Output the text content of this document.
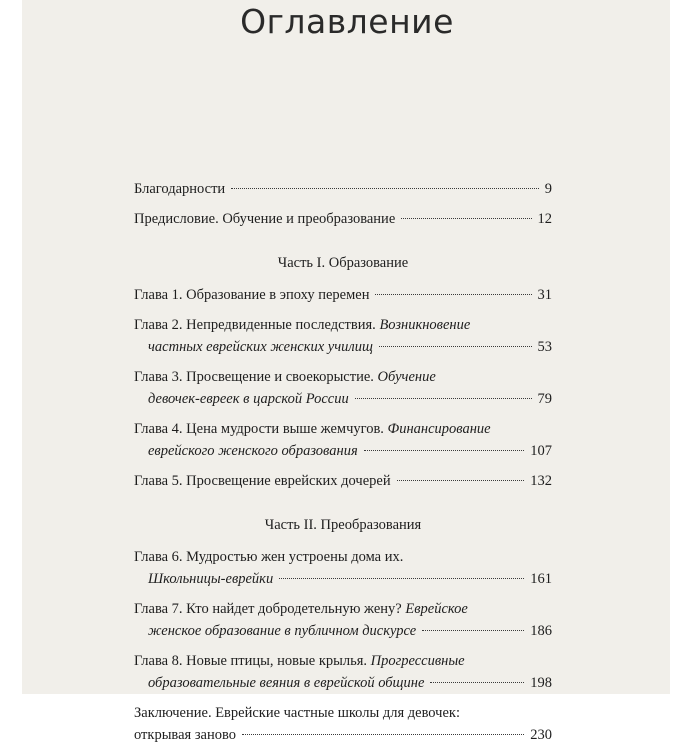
Оглавление
Благодарности	9
Предисловие. Обучение и преобразование	12
Часть I. Образование
Глава 1. Образование в эпоху перемен	31
Глава 2. Непредвиденные последствия. Возникновение
частных еврейских женских училищ	53
Глава 3. Просвещение и своекорыстие. Обучение
девочек-евреек в царской России	79
Глава 4. Цена мудрости выше жемчугов. Финансирование
еврейского женского образования	107
Глава 5. Просвещение еврейских дочерей	132
Часть II. Преобразования
Глава 6. Мудростью жен устроены дома их.
Школьницы-еврейки	161
Глава 7. Кто найдет добродетельную жену? Еврейское
женское образование в публичном дискурсе	186
Глава 8. Новые птицы, новые крылья. Прогрессивные
образовательные веяния в еврейской общине	198
Заключение. Еврейские частные школы для девочек:
открывая заново	230
